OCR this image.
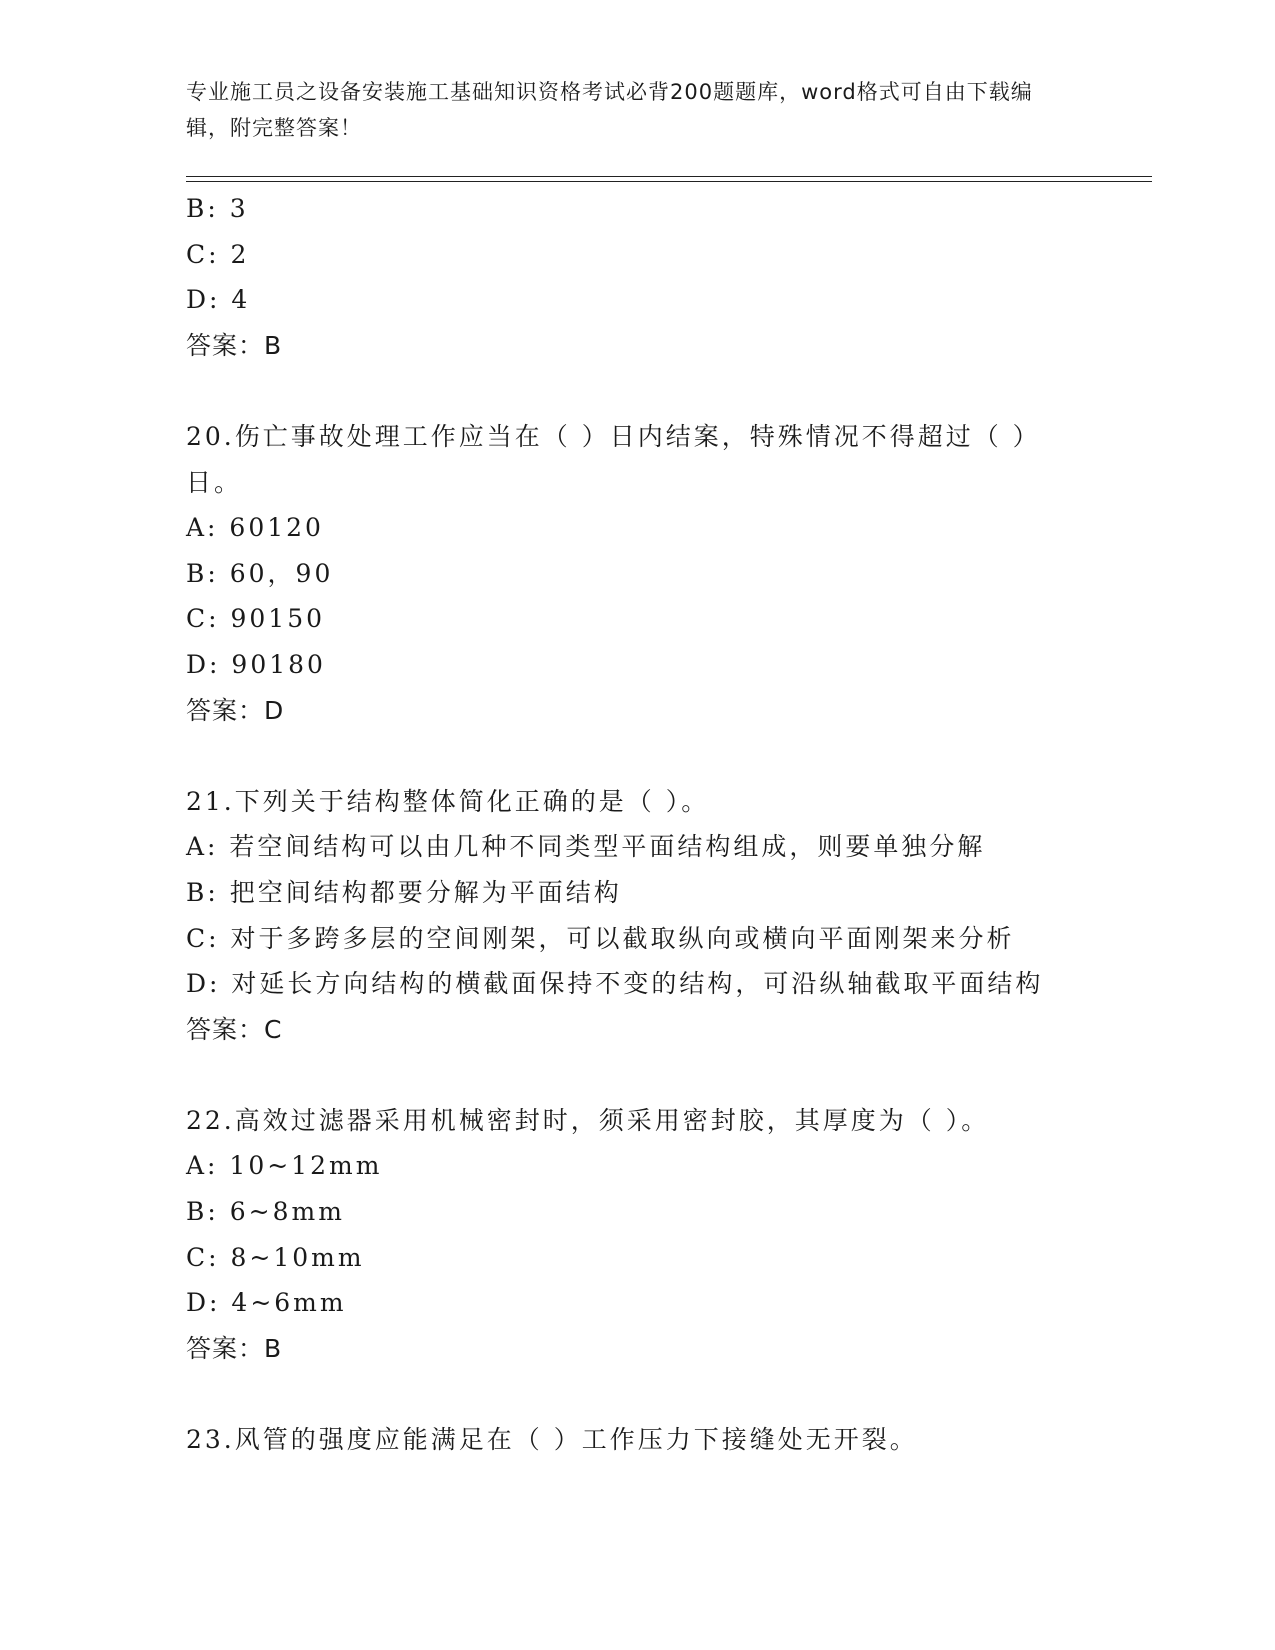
专业施工员之设备安装施工基础知识资格考试必背200题题库，word格式可自由下载编辑，附完整答案！
B: 3
C: 2
D: 4
答案：B
20.伤亡事故处理工作应当在（ ）日内结案，特殊情况不得超过（ ）日。
A: 60120
B: 60，90
C: 90150
D: 90180
答案：D
21.下列关于结构整体简化正确的是（ ）。
A: 若空间结构可以由几种不同类型平面结构组成，则要单独分解
B: 把空间结构都要分解为平面结构
C: 对于多跨多层的空间刚架，可以截取纵向或横向平面刚架来分析
D: 对延长方向结构的横截面保持不变的结构，可沿纵轴截取平面结构
答案：C
22.高效过滤器采用机械密封时，须采用密封胶，其厚度为（ ）。
A: 10~12mm
B: 6~8mm
C: 8~10mm
D: 4~6mm
答案：B
23.风管的强度应能满足在（ ）工作压力下接缝处无开裂。
